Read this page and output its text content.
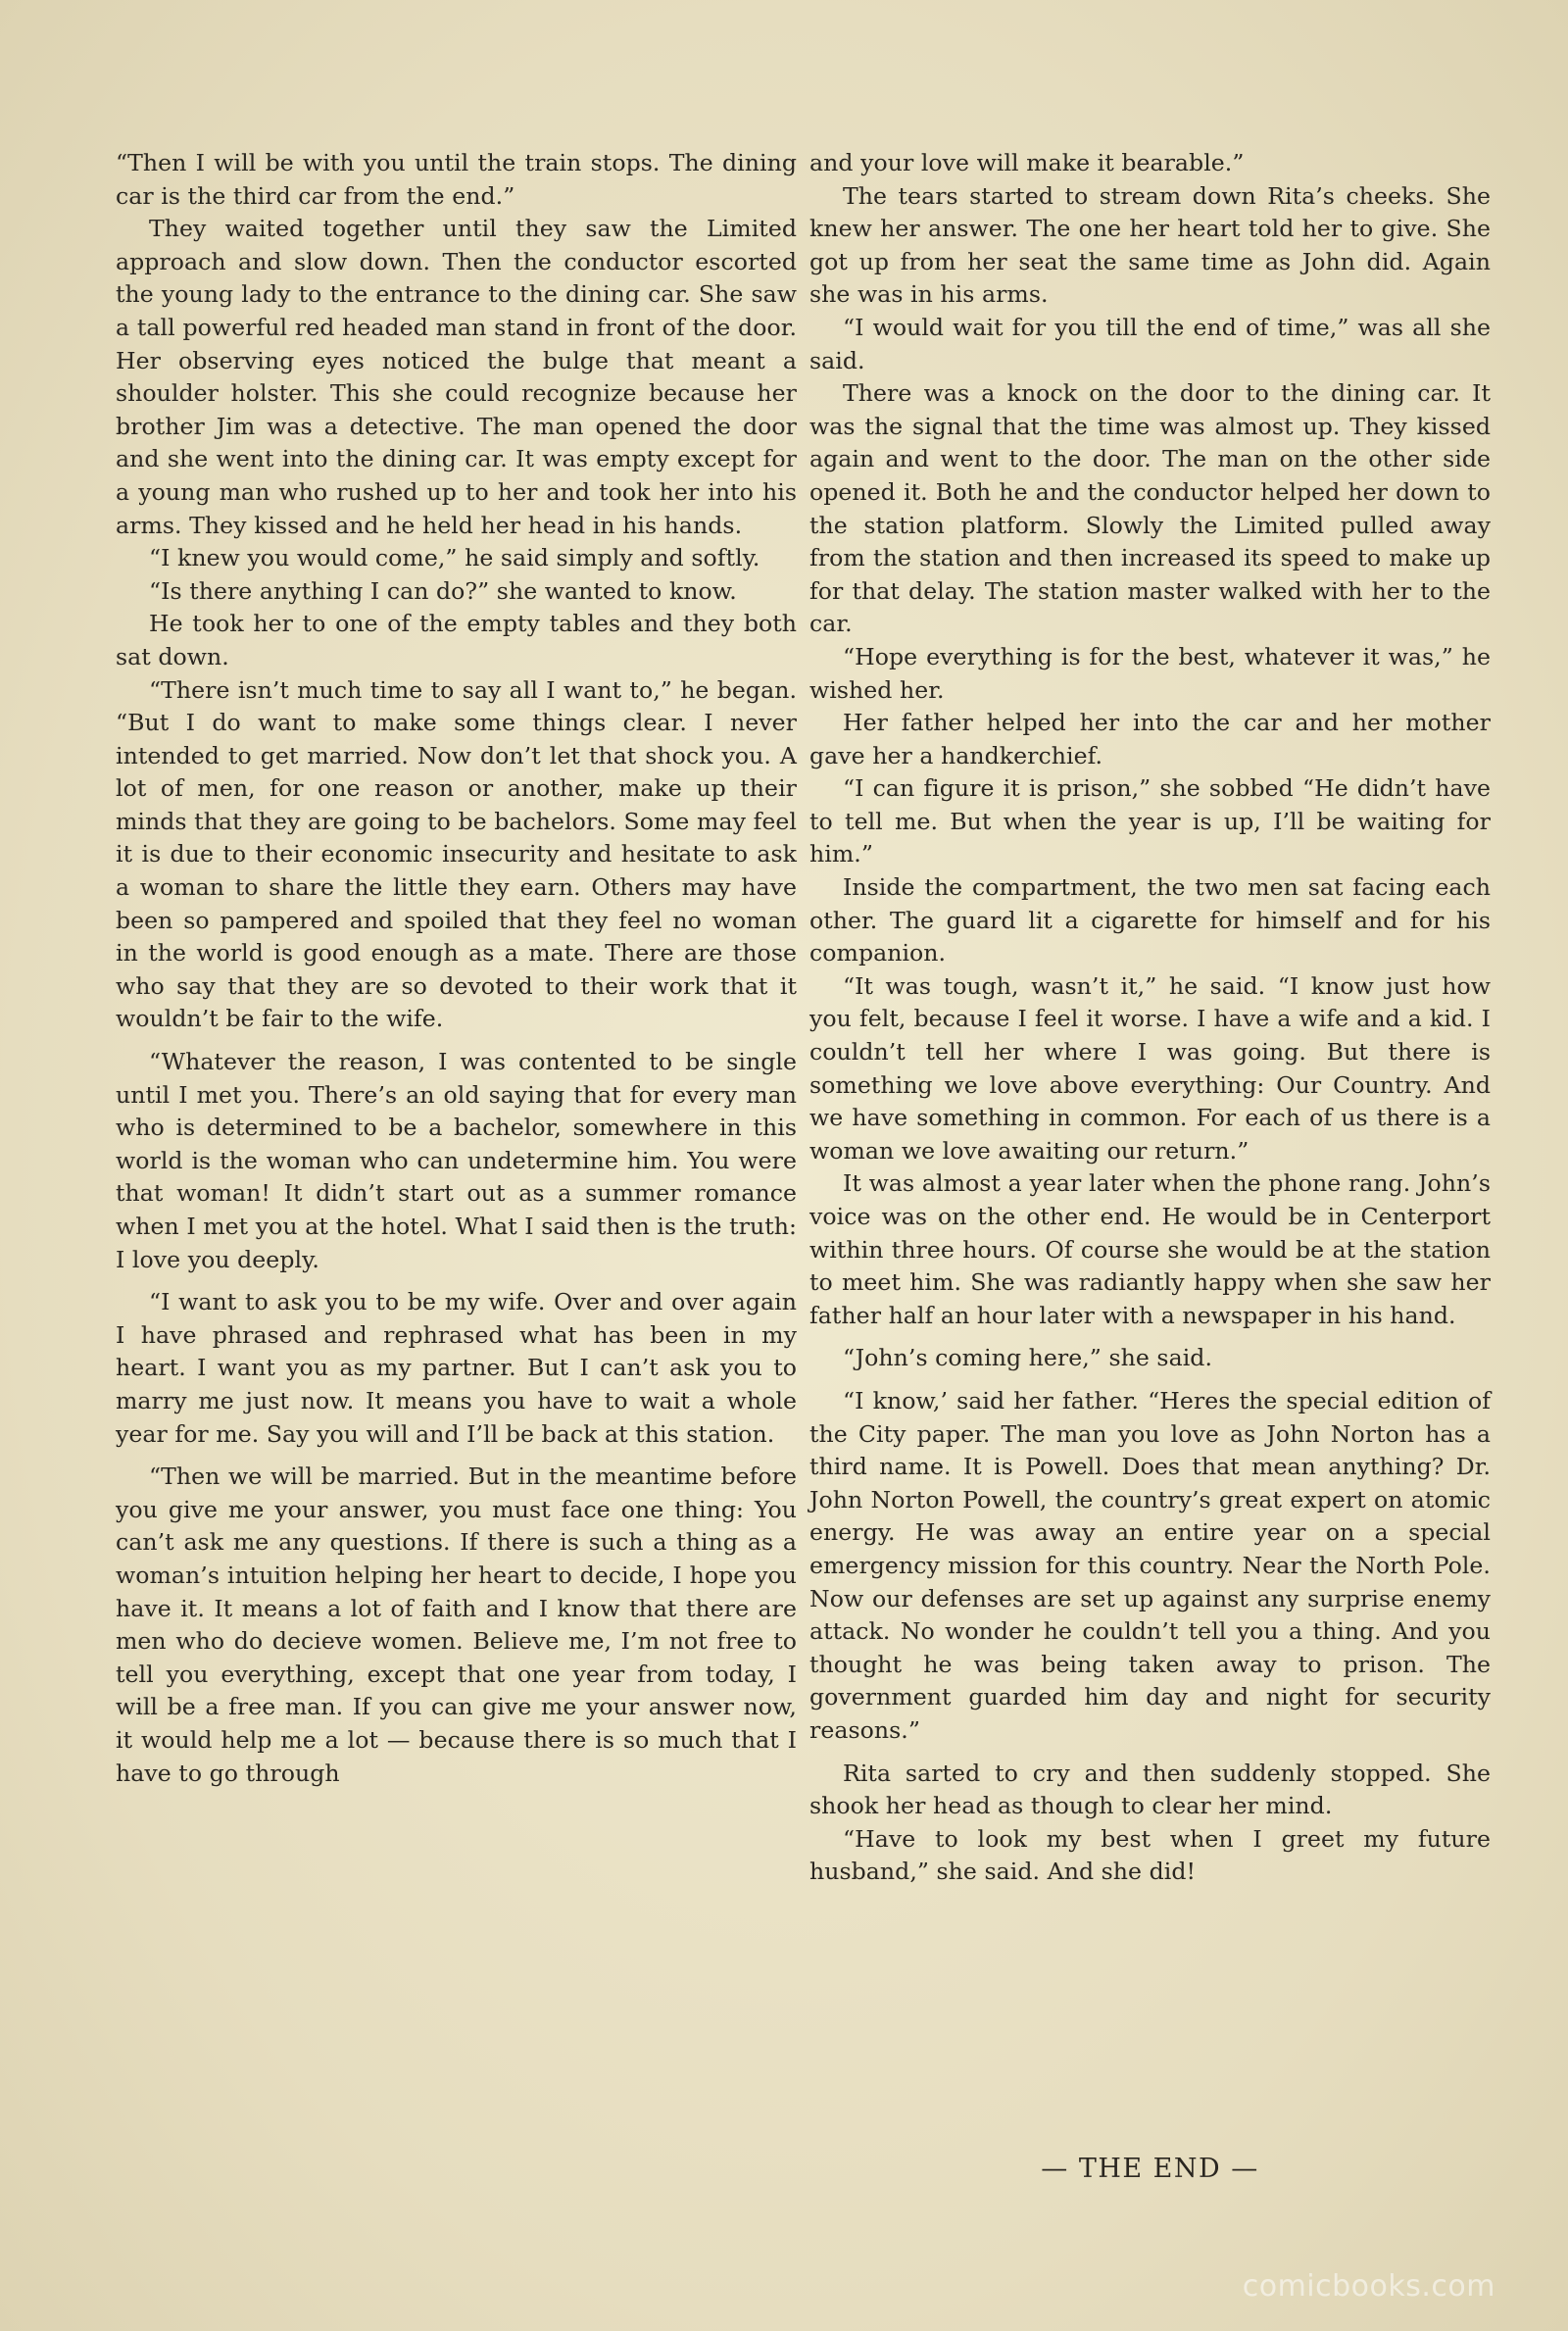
“Then I will be with you until the train stops. The dining car is the third car from the end.”

They waited together until they saw the Limited approach and slow down. Then the conductor escorted the young lady to the entrance to the dining car. She saw a tall powerful red headed man stand in front of the door. Her observing eyes noticed the bulge that meant a shoulder holster. This she could recognize because her brother Jim was a detective. The man opened the door and she went into the dining car. It was empty except for a young man who rushed up to her and took her into his arms. They kissed and he held her head in his hands.

“I knew you would come,” he said simply and softly.

“Is there anything I can do?” she wanted to know.

He took her to one of the empty tables and they both sat down.

“There isn’t much time to say all I want to,” he began. “But I do want to make some things clear. I never intended to get married. Now don’t let that shock you. A lot of men, for one reason or another, make up their minds that they are going to be bachelors. Some may feel it is due to their economic insecurity and hesitate to ask a woman to share the little they earn. Others may have been so pampered and spoiled that they feel no woman in the world is good enough as a mate. There are those who say that they are so devoted to their work that it wouldn’t be fair to the wife.

“Whatever the reason, I was contented to be single until I met you. There’s an old saying that for every man who is determined to be a bachelor, somewhere in this world is the woman who can undetermine him. You were that woman! It didn’t start out as a summer romance when I met you at the hotel. What I said then is the truth: I love you deeply.

“I want to ask you to be my wife. Over and over again I have phrased and rephrased what has been in my heart. I want you as my partner. But I can’t ask you to marry me just now. It means you have to wait a whole year for me. Say you will and I’ll be back at this station.

“Then we will be married. But in the meantime before you give me your answer, you must face one thing: You can’t ask me any questions. If there is such a thing as a woman’s intuition helping her heart to decide, I hope you have it. It means a lot of faith and I know that there are men who do decieve women. Believe me, I’m not free to tell you everything, except that one year from today, I will be a free man. If you can give me your answer now, it would help me a lot — because there is so much that I have to go through

and your love will make it bearable.”

The tears started to stream down Rita’s cheeks. She knew her answer. The one her heart told her to give. She got up from her seat the same time as John did. Again she was in his arms.

“I would wait for you till the end of time,” was all she said.

There was a knock on the door to the dining car. It was the signal that the time was almost up. They kissed again and went to the door. The man on the other side opened it. Both he and the conductor helped her down to the station platform. Slowly the Limited pulled away from the station and then increased its speed to make up for that delay. The station master walked with her to the car.

“Hope everything is for the best, whatever it was,” he wished her.

Her father helped her into the car and her mother gave her a handkerchief.

“I can figure it is prison,” she sobbed “He didn’t have to tell me. But when the year is up, I’ll be waiting for him.”

Inside the compartment, the two men sat facing each other. The guard lit a cigarette for himself and for his companion.

“It was tough, wasn’t it,” he said. “I know just how you felt, because I feel it worse. I have a wife and a kid. I couldn’t tell her where I was going. But there is something we love above everything: Our Country. And we have something in common. For each of us there is a woman we love awaiting our return.”

It was almost a year later when the phone rang. John’s voice was on the other end. He would be in Centerport within three hours. Of course she would be at the station to meet him. She was radiantly happy when she saw her father half an hour later with a newspaper in his hand.

“John’s coming here,” she said.

“I know,’ said her father. “Heres the special edition of the City paper. The man you love as John Norton has a third name. It is Powell. Does that mean anything? Dr. John Norton Powell, the country’s great expert on atomic energy. He was away an entire year on a special emergency mission for this country. Near the North Pole. Now our defenses are set up against any surprise enemy attack. No wonder he couldn’t tell you a thing. And you thought he was being taken away to prison. The government guarded him day and night for security reasons.”

Rita sarted to cry and then suddenly stopped. She shook her head as though to clear her mind.

“Have to look my best when I greet my future husband,” she said. And she did!

— THE END —
comicbooks.com
